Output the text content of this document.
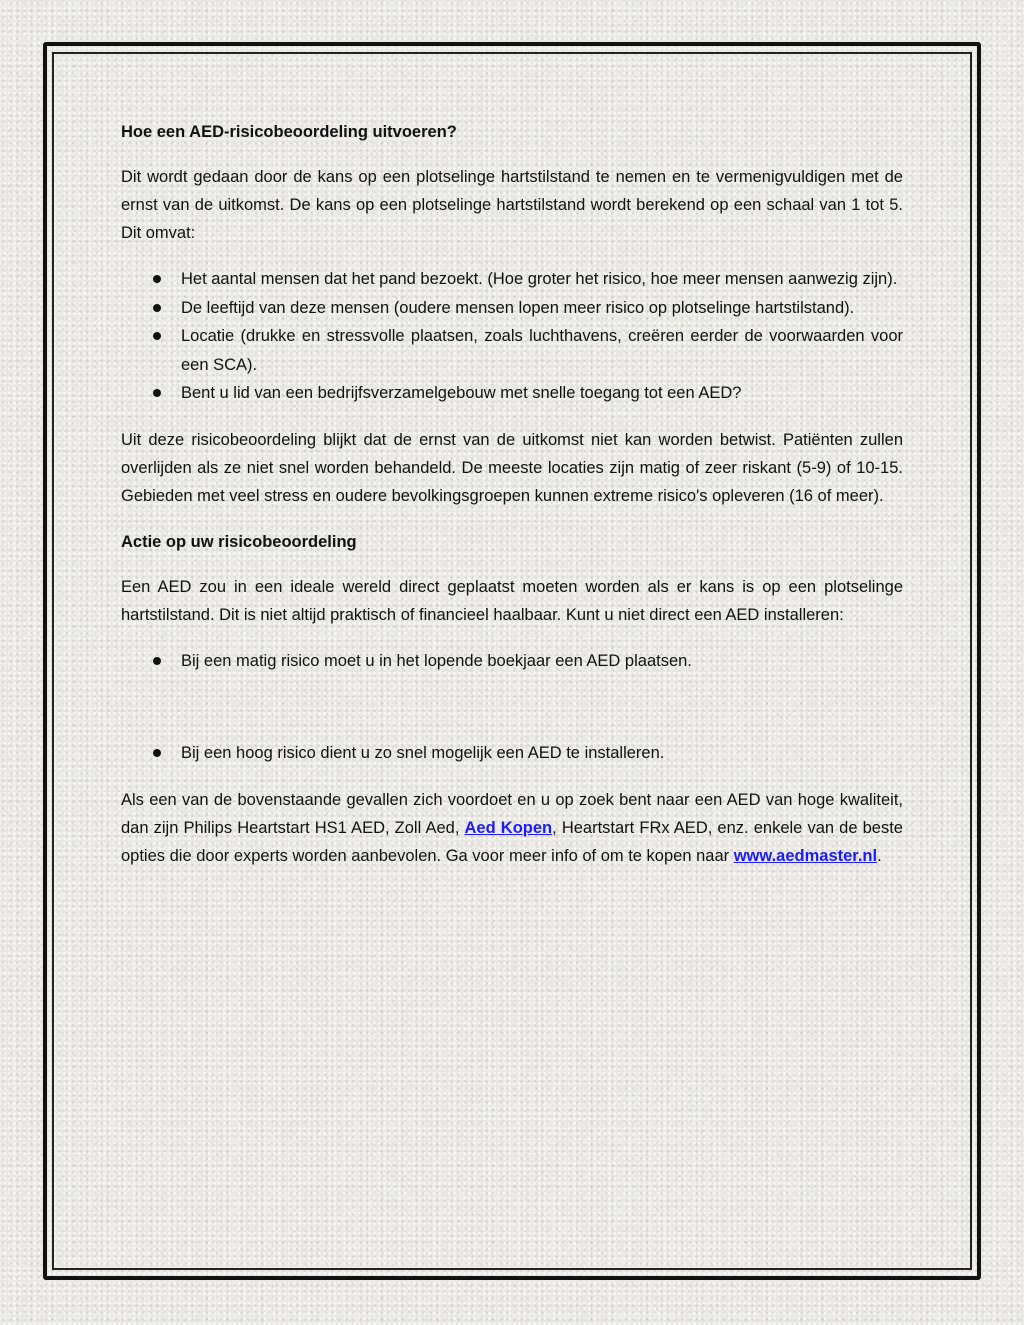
Hoe een AED-risicobeoordeling uitvoeren?

Dit wordt gedaan door de kans op een plotselinge hartstilstand te nemen en te vermenigvuldigen met de ernst van de uitkomst. De kans op een plotselinge hartstilstand wordt berekend op een schaal van 1 tot 5. Dit omvat:

Het aantal mensen dat het pand bezoekt. (Hoe groter het risico, hoe meer mensen aanwezig zijn).
De leeftijd van deze mensen (oudere mensen lopen meer risico op plotselinge hartstilstand).
Locatie (drukke en stressvolle plaatsen, zoals luchthavens, creëren eerder de voorwaarden voor een SCA).
Bent u lid van een bedrijfsverzamelgebouw met snelle toegang tot een AED?

Uit deze risicobeoordeling blijkt dat de ernst van de uitkomst niet kan worden betwist. Patiënten zullen overlijden als ze niet snel worden behandeld. De meeste locaties zijn matig of zeer riskant (5-9) of 10-15. Gebieden met veel stress en oudere bevolkingsgroepen kunnen extreme risico's opleveren (16 of meer).

Actie op uw risicobeoordeling

Een AED zou in een ideale wereld direct geplaatst moeten worden als er kans is op een plotselinge hartstilstand. Dit is niet altijd praktisch of financieel haalbaar. Kunt u niet direct een AED installeren:

Bij een matig risico moet u in het lopende boekjaar een AED plaatsen.
Bij een hoog risico dient u zo snel mogelijk een AED te installeren.

Als een van de bovenstaande gevallen zich voordoet en u op zoek bent naar een AED van hoge kwaliteit, dan zijn Philips Heartstart HS1 AED, Zoll Aed, Aed Kopen, Heartstart FRx AED, enz. enkele van de beste opties die door experts worden aanbevolen. Ga voor meer info of om te kopen naar www.aedmaster.nl.
